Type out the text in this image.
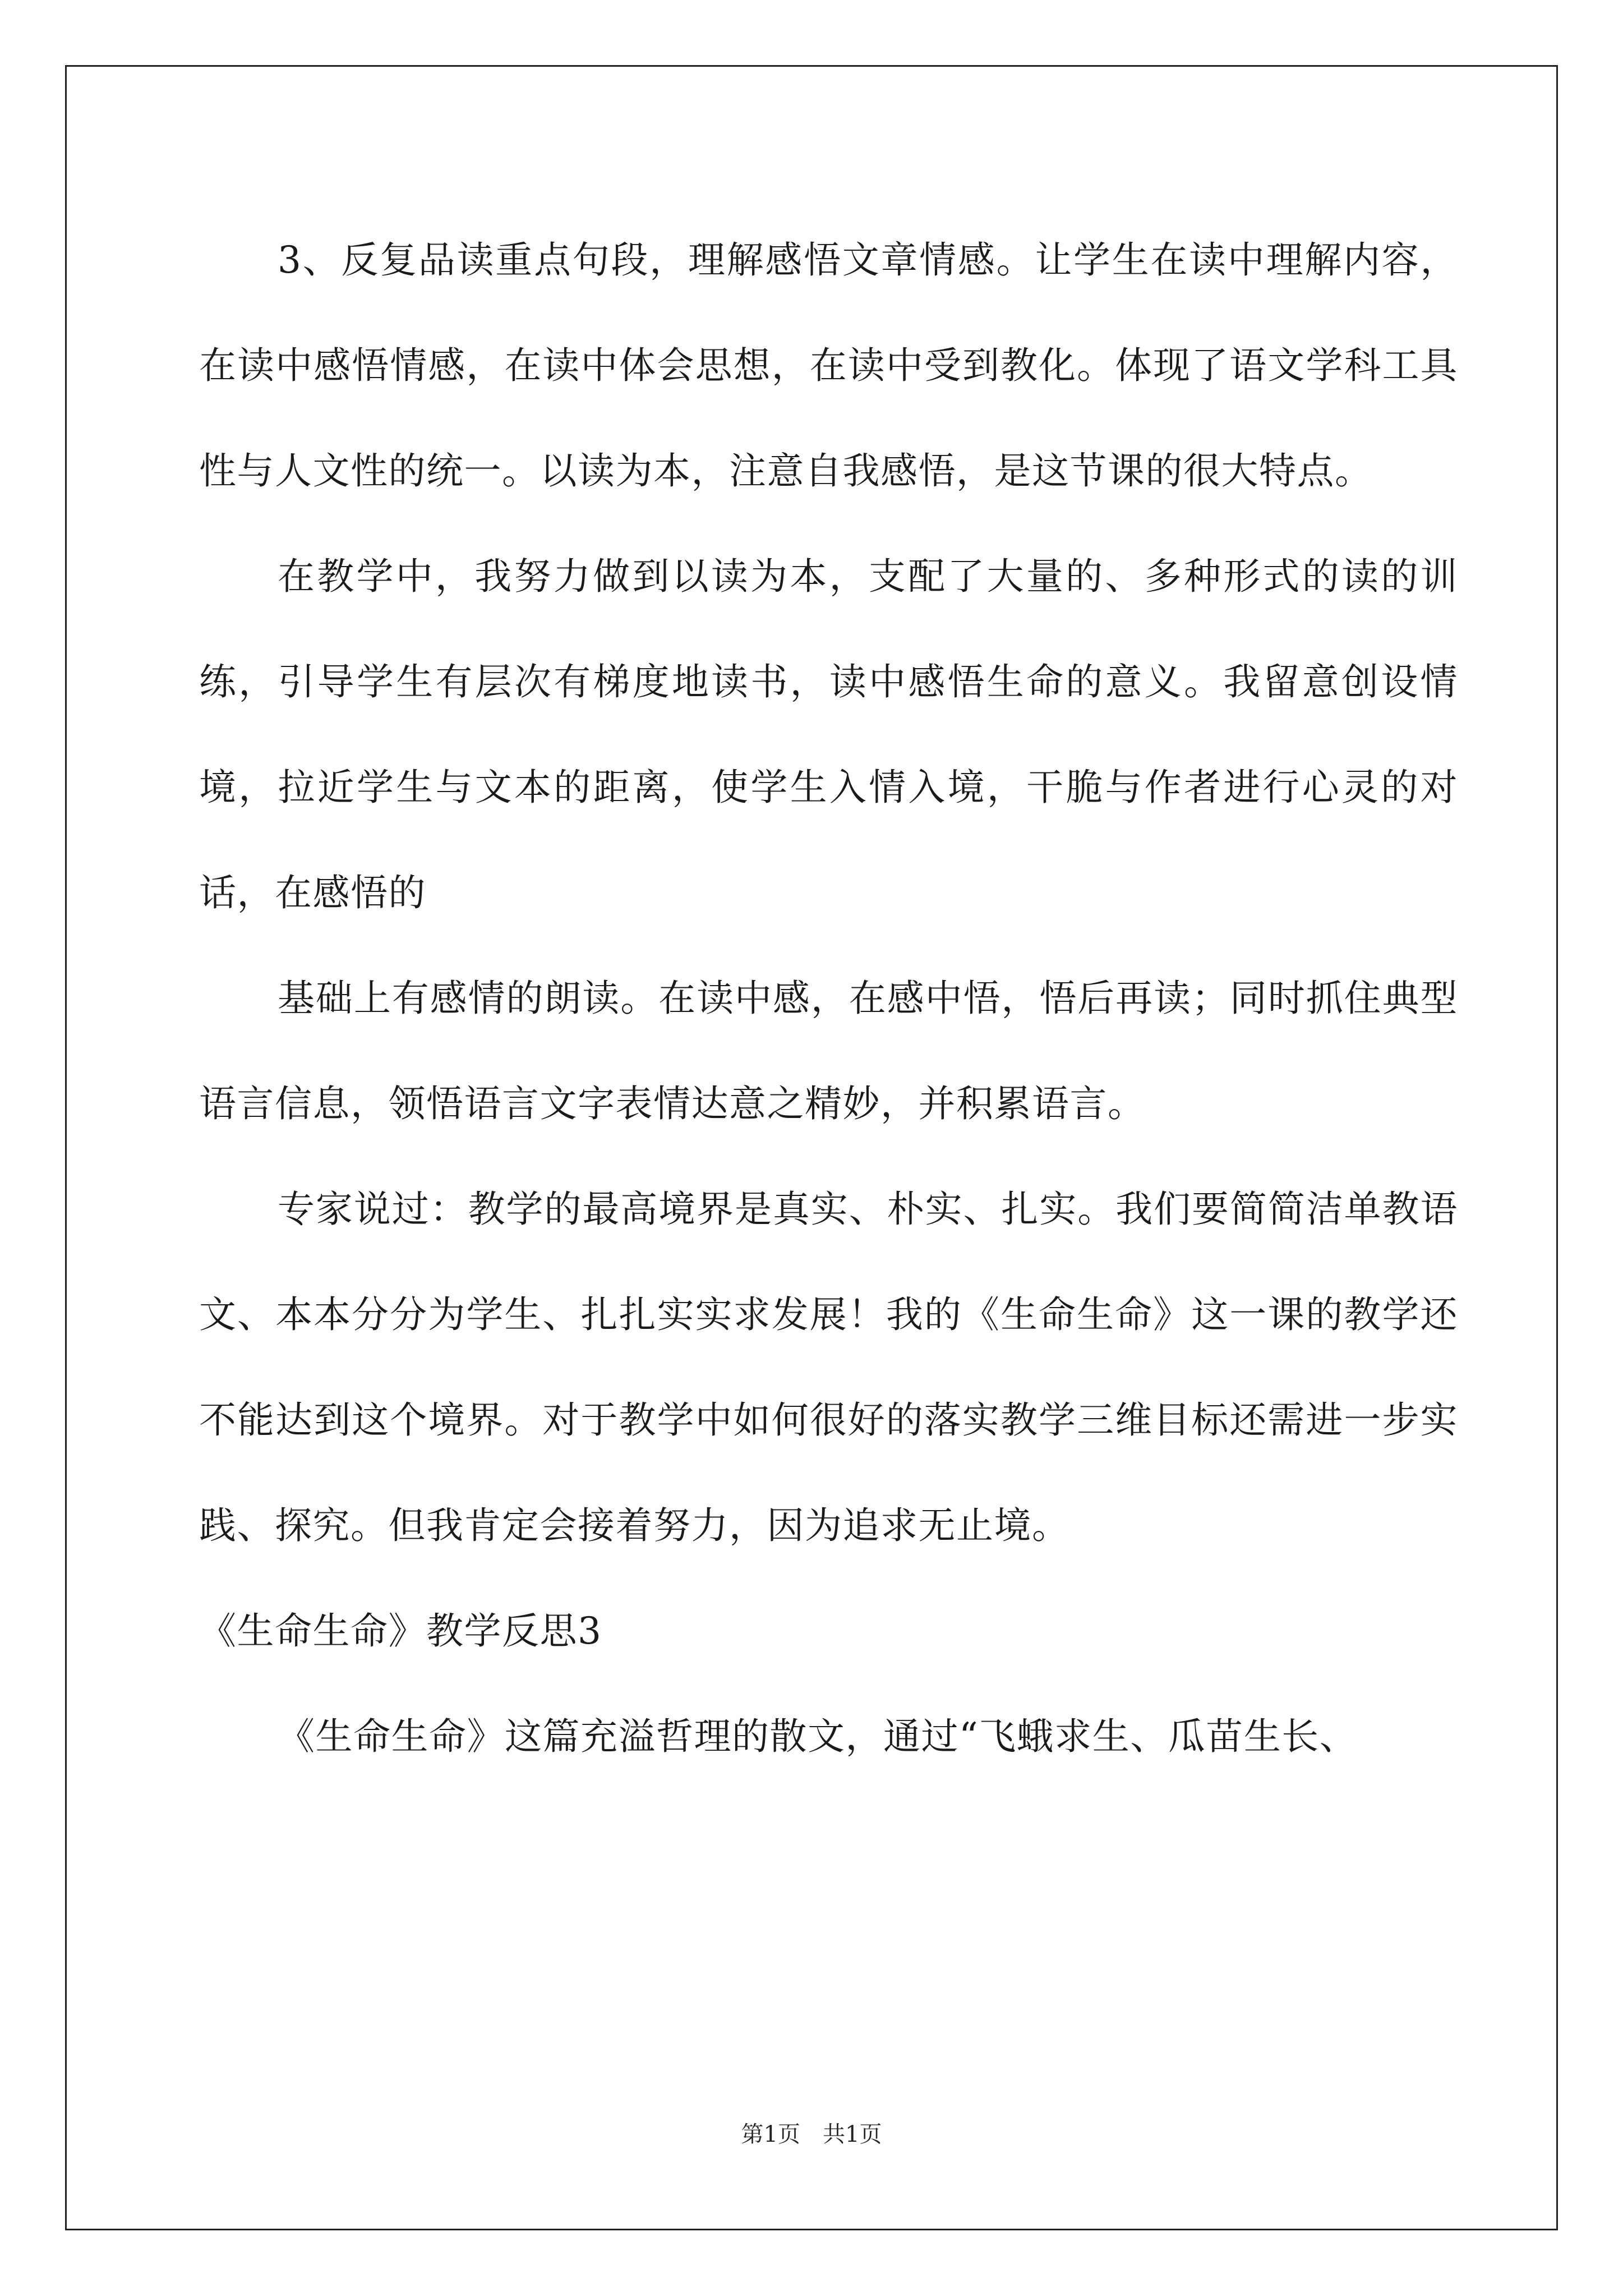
3、反复品读重点句段，理解感悟文章情感。让学生在读中理解内容，在读中感悟情感，在读中体会思想，在读中受到教化。体现了语文学科工具性与人文性的统一。以读为本，注意自我感悟，是这节课的很大特点。

在教学中，我努力做到以读为本，支配了大量的、多种形式的读的训练，引导学生有层次有梯度地读书，读中感悟生命的意义。我留意创设情境，拉近学生与文本的距离，使学生入情入境，干脆与作者进行心灵的对话，在感悟的

基础上有感情的朗读。在读中感，在感中悟，悟后再读；同时抓住典型语言信息，领悟语言文字表情达意之精妙，并积累语言。

专家说过：教学的最高境界是真实、朴实、扎实。我们要简简洁单教语文、本本分分为学生、扎扎实实求发展！我的《生命生命》这一课的教学还不能达到这个境界。对于教学中如何很好的落实教学三维目标还需进一步实践、探究。但我肯定会接着努力，因为追求无止境。

《生命生命》教学反思3

《生命生命》这篇充溢哲理的散文，通过“飞蛾求生、瓜苗生长、

第1页 共1页
